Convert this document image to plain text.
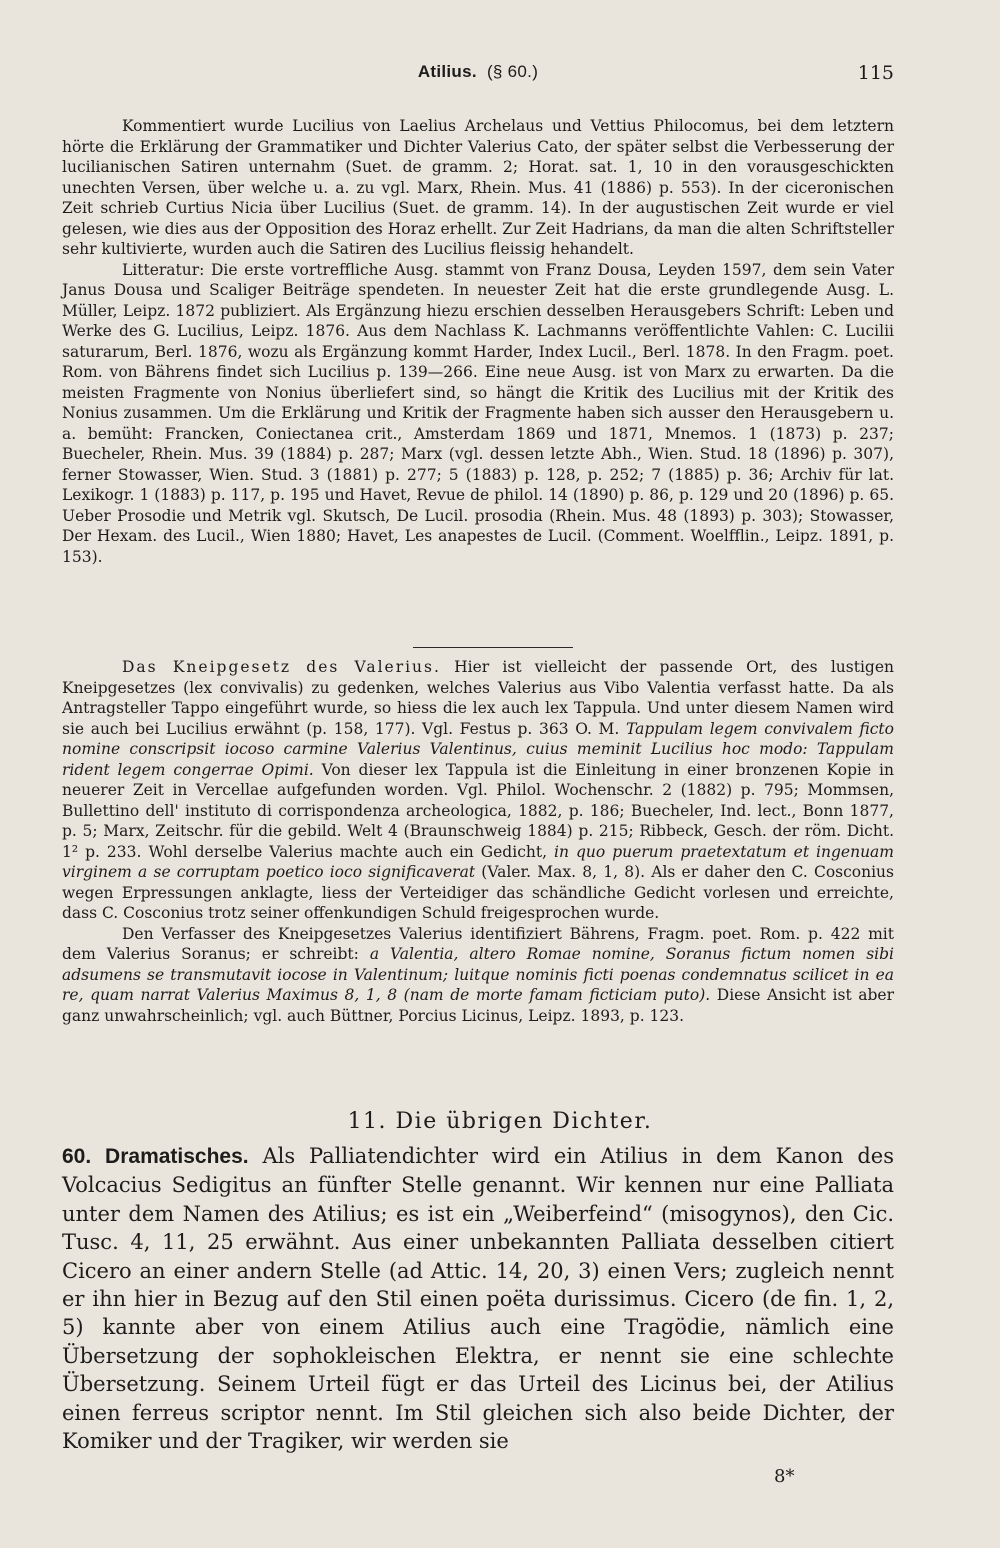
Atilius. (§ 60.)	115

Kommentiert wurde Lucilius von Laelius Archelaus und Vettius Philocomus, bei dem letztern hörte die Erklärung der Grammatiker und Dichter Valerius Cato, der später selbst die Verbesserung der lucilianischen Satiren unternahm (Suet. de gramm. 2; Horat. sat. 1, 10 in den vorausgeschickten unechten Versen, über welche u. a. zu vgl. Marx, Rhein. Mus. 41 (1886) p. 553). In der ciceronischen Zeit schrieb Curtius Nicia über Lucilius (Suet. de gramm. 14). In der augustischen Zeit wurde er viel gelesen, wie dies aus der Opposition des Horaz erhellt. Zur Zeit Hadrians, da man die alten Schriftsteller sehr kultivierte, wurden auch die Satiren des Lucilius fleissig hehandelt.

Litteratur: Die erste vortreffliche Ausg. stammt von Franz Dousa, Leyden 1597, dem sein Vater Janus Dousa und Scaliger Beiträge spendeten. In neuester Zeit hat die erste grundlegende Ausg. L. Müller, Leipz. 1872 publiziert. Als Ergänzung hiezu erschien desselben Herausgebers Schrift: Leben und Werke des G. Lucilius, Leipz. 1876. Aus dem Nachlass K. Lachmanns veröffentlichte Vahlen: C. Lucilii saturarum, Berl. 1876, wozu als Ergänzung kommt Harder, Index Lucil., Berl. 1878. In den Fragm. poet. Rom. von Bährens findet sich Lucilius p. 139—266. Eine neue Ausg. ist von Marx zu erwarten. Da die meisten Fragmente von Nonius überliefert sind, so hängt die Kritik des Lucilius mit der Kritik des Nonius zusammen. Um die Erklärung und Kritik der Fragmente haben sich ausser den Herausgebern u. a. bemüht: Francken, Coniectanea crit., Amsterdam 1869 und 1871, Mnemos. 1 (1873) p. 237; Buecheler, Rhein. Mus. 39 (1884) p. 287; Marx (vgl. dessen letzte Abh., Wien. Stud. 18 (1896) p. 307), ferner Stowasser, Wien. Stud. 3 (1881) p. 277; 5 (1883) p. 128, p. 252; 7 (1885) p. 36; Archiv für lat. Lexikogr. 1 (1883) p. 117, p. 195 und Havet, Revue de philol. 14 (1890) p. 86, p. 129 und 20 (1896) p. 65. Ueber Prosodie und Metrik vgl. Skutsch, De Lucil. prosodia (Rhein. Mus. 48 (1893) p. 303); Stowasser, Der Hexam. des Lucil., Wien 1880; Havet, Les anapestes de Lucil. (Comment. Woelfflin., Leipz. 1891, p. 153).

Das Kneipgesetz des Valerius. Hier ist vielleicht der passende Ort, des lustigen Kneipgesetzes (lex convivalis) zu gedenken, welches Valerius aus Vibo Valentia verfasst hatte. Da als Antragsteller Tappo eingeführt wurde, so hiess die lex auch lex Tappula. Und unter diesem Namen wird sie auch bei Lucilius erwähnt (p. 158, 177). Vgl. Festus p. 363 O. M. Tappulam legem convivalem ficto nomine conscripsit iocoso carmine Valerius Valentinus, cuius meminit Lucilius hoc modo: Tappulam rident legem congerrae Opimi. Von dieser lex Tappula ist die Einleitung in einer bronzenen Kopie in neuerer Zeit in Vercellae aufgefunden worden. Vgl. Philol. Wochenschr. 2 (1882) p. 795; Mommsen, Bullettino dell' instituto di corrispondenza archeologica, 1882, p. 186; Buecheler, Ind. lect., Bonn 1877, p. 5; Marx, Zeitschr. für die gebild. Welt 4 (Braunschweig 1884) p. 215; Ribbeck, Gesch. der röm. Dicht. 1² p. 233. Wohl derselbe Valerius machte auch ein Gedicht, in quo puerum praetextatum et ingenuam virginem a se corruptam poetico ioco significaverat (Valer. Max. 8, 1, 8). Als er daher den C. Cosconius wegen Erpressungen anklagte, liess der Verteidiger das schändliche Gedicht vorlesen und erreichte, dass C. Cosconius trotz seiner offenkundigen Schuld freigesprochen wurde.

Den Verfasser des Kneipgesetzes Valerius identifiziert Bährens, Fragm. poet. Rom. p. 422 mit dem Valerius Soranus; er schreibt: a Valentia, altero Romae nomine, Soranus fictum nomen sibi adsumens se transmutavit iocose in Valentinum; luitque nominis ficti poenas condemnatus scilicet in ea re, quam narrat Valerius Maximus 8, 1, 8 (nam de morte famam ficticiam puto). Diese Ansicht ist aber ganz unwahrscheinlich; vgl. auch Büttner, Porcius Licinus, Leipz. 1893, p. 123.

11. Die übrigen Dichter.

60. Dramatisches. Als Palliatendichter wird ein Atilius in dem Kanon des Volcacius Sedigitus an fünfter Stelle genannt. Wir kennen nur eine Palliata unter dem Namen des Atilius; es ist ein „Weiberfeind“ (misogynos), den Cic. Tusc. 4, 11, 25 erwähnt. Aus einer unbekannten Palliata desselben citiert Cicero an einer andern Stelle (ad Attic. 14, 20, 3) einen Vers; zugleich nennt er ihn hier in Bezug auf den Stil einen poëta durissimus. Cicero (de fin. 1, 2, 5) kannte aber von einem Atilius auch eine Tragödie, nämlich eine Übersetzung der sophokleischen Elektra, er nennt sie eine schlechte Übersetzung. Seinem Urteil fügt er das Urteil des Licinus bei, der Atilius einen ferreus scriptor nennt. Im Stil gleichen sich also beide Dichter, der Komiker und der Tragiker, wir werden sie

8*
